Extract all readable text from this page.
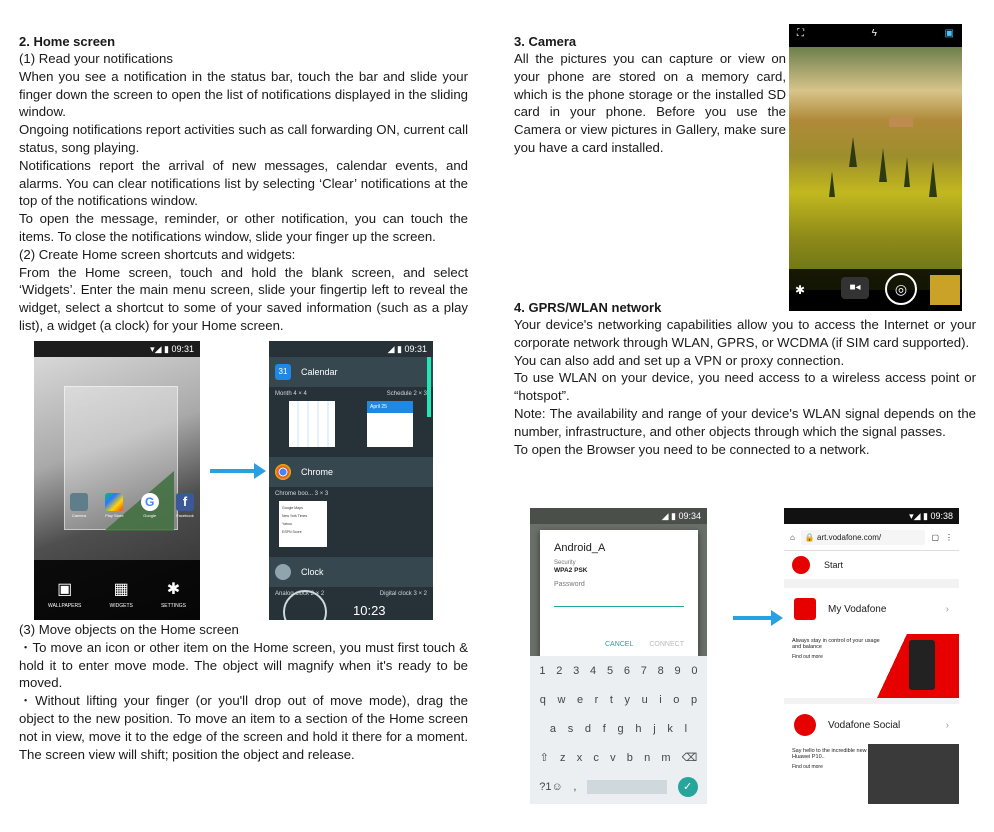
2. Home screen

(1) Read your notifications

When you see a notification in the status bar, touch the bar and slide your finger down the screen to open the list of notifications displayed in the sliding window.

Ongoing notifications report activities such as call forwarding ON, current call status, song playing.

Notifications report the arrival of new messages, calendar events, and alarms. You can clear notifications list by selecting ‘Clear’ notifications at the top of the notifications window.

To open the message, reminder, or other notification, you can touch the items. To close the notifications window, slide your finger up the screen.

(2) Create Home screen shortcuts and widgets:

From the Home screen, touch and hold the blank screen, and select ‘Widgets’. Enter the main menu screen, slide your fingertip left to reveal the widget, select a shortcut to some of your saved information (such as a play list), a widget (a clock) for your Home screen.

(3) Move objects on the Home screen

・To move an icon or other item on the Home screen, you must first touch & hold it to enter move mode. The object will magnify when it's ready to be moved.

・Without lifting your finger (or you'll drop out of move mode), drag the object to the new position. To move an item to a section of the Home screen not in view, move it to the edge of the screen and hold it there for a moment. The screen view will shift; position the object and release.

3. Camera

All the pictures you can capture or view on your phone are stored on a memory card, which is the phone storage or the installed SD card in your phone. Before you use the Camera or view pictures in Gallery, make sure you have a card installed.

4. GPRS/WLAN network

Your device's networking capabilities allow you to access the Internet or your corporate network through WLAN, GPRS, or WCDMA (if SIM card supported).

You can also add and set up a VPN or proxy connection.

To use WLAN on your device, you need access to a wireless access point or “hotspot”.

Note: The availability and range of your device's WLAN signal depends on the number, infrastructure, and other objects through which the signal passes.

To open the Browser you need to be connected to a network.

▾◢ ▮ 09:31
Camera	Play Store
G
Google
f
Facebook
▣
WALLPAPERS
▦
WIDGETS
✱
SETTINGS
◢ ▮ 09:31
31	Calendar
Month 4 × 4	Schedule 2 × 3
April 25
Chrome
Chrome boo... 3 × 3
Google Maps
New York Times
Yahoo
ESPN Score
Clock
Analog clock 2 × 2	Digital clock 3 × 2
10:23
⛶	ϟ	▣
✱	■◂	◎
◢ ▮ 09:34
Android_A
Security
WPA2 PSK
Password
CANCEL CONNECT
1 2 3 4 5 6 7 8 9 0
q w e r t y u i o p
a s d f g h j k l
⇧ z x c v b n m ⌫
?1☺ ,	✓
▾◢ ▮ 09:38
⌂	🔒 art.vodafone.com/	▢ ⋮
Start
My Vodafone	›
Always stay in control of your usage and balance
Find out more
Vodafone Social	›
Say hello to the incredible new Huawei P10..
Find out more
